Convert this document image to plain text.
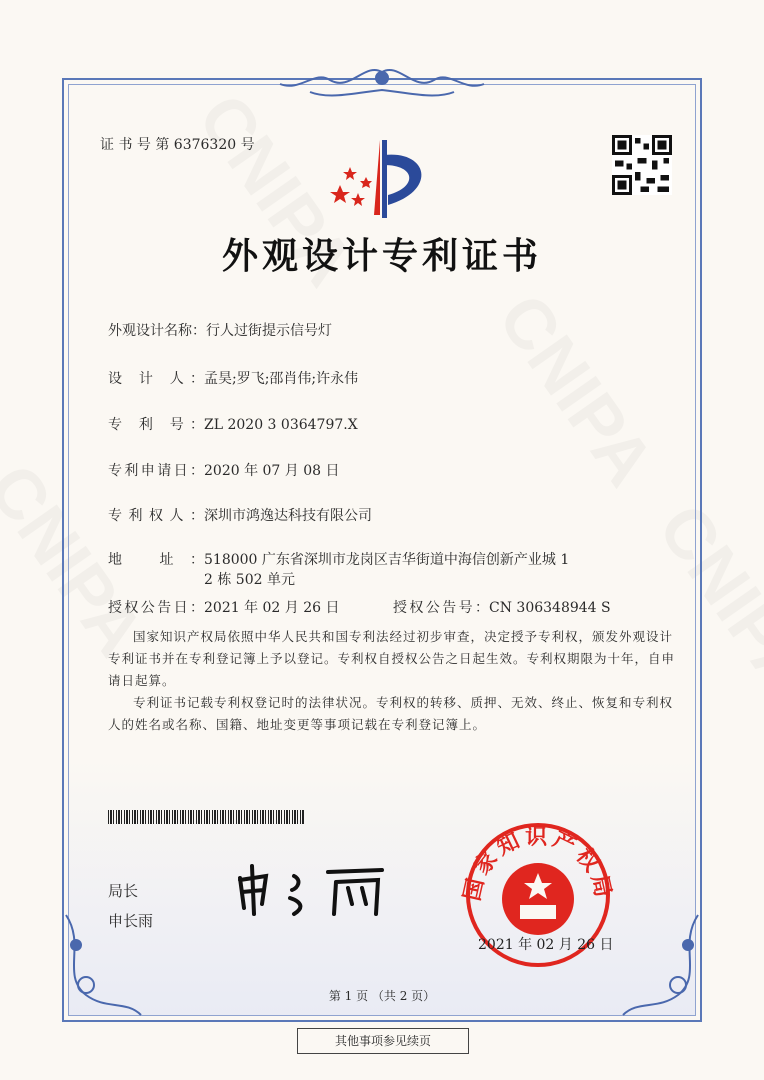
证 书 号 第 6376320 号
外观设计专利证书
外观设计名称：行人过街提示信号灯
设 计 人：孟昊;罗飞;邵肖伟;许永伟
专 利 号：ZL 2020 3 0364797.X
专利申请日：2020 年 07 月 08 日
专利权人：深圳市鸿逸达科技有限公司
地 址：518000 广东省深圳市龙岗区吉华街道中海信创新产业城 1
2 栋 502 单元
授权公告日：2021 年 02 月 26 日	授权公告号：CN 306348944 S
国家知识产权局依照中华人民共和国专利法经过初步审查，决定授予专利权，颁发外观设计专利证书并在专利登记簿上予以登记。专利权自授权公告之日起生效。专利权期限为十年，自申请日起算。
专利证书记载专利权登记时的法律状况。专利权的转移、质押、无效、终止、恢复和专利权人的姓名或名称、国籍、地址变更等事项记载在专利登记簿上。
局长
申长雨
国家知识产权局
2021 年 02 月 26 日
第 1 页 （共 2 页）
其他事项参见续页
